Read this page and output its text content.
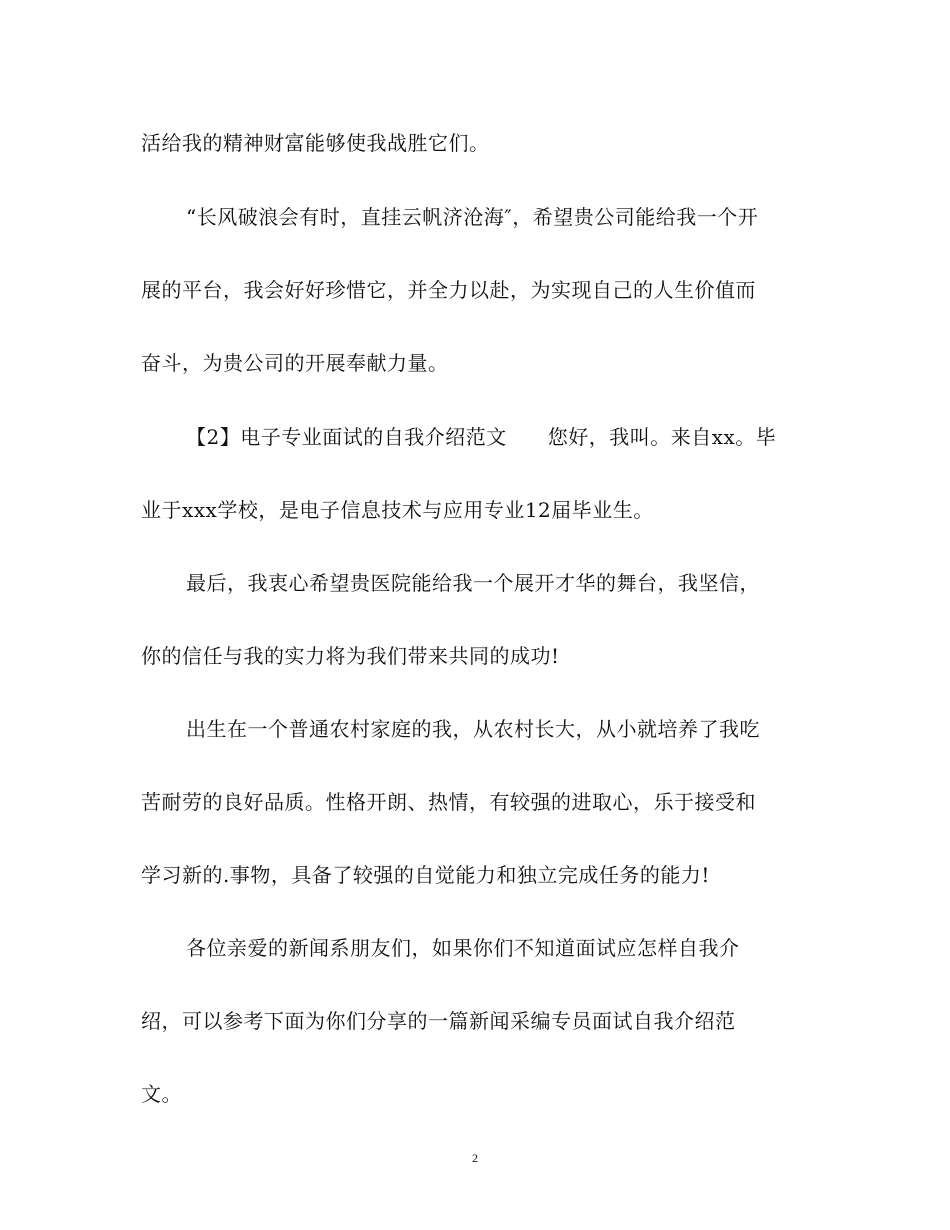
活给我的精神财富能够使我战胜它们。
“长风破浪会有时，直挂云帆济沧海″，希望贵公司能给我一个开
展的平台，我会好好珍惜它，并全力以赴，为实现自己的人生价值而
奋斗，为贵公司的开展奉献力量。
【2】电子专业面试的自我介绍范文　　您好，我叫。来自xx。毕
业于xxx学校，是电子信息技术与应用专业12届毕业生。
最后，我衷心希望贵医院能给我一个展开才华的舞台，我坚信，
你的信任与我的实力将为我们带来共同的成功!
出生在一个普通农村家庭的我，从农村长大，从小就培养了我吃
苦耐劳的良好品质。性格开朗、热情，有较强的进取心，乐于接受和
学习新的.事物，具备了较强的自觉能力和独立完成任务的能力!
各位亲爱的新闻系朋友们，如果你们不知道面试应怎样自我介
绍，可以参考下面为你们分享的一篇新闻采编专员面试自我介绍范
文。
2
